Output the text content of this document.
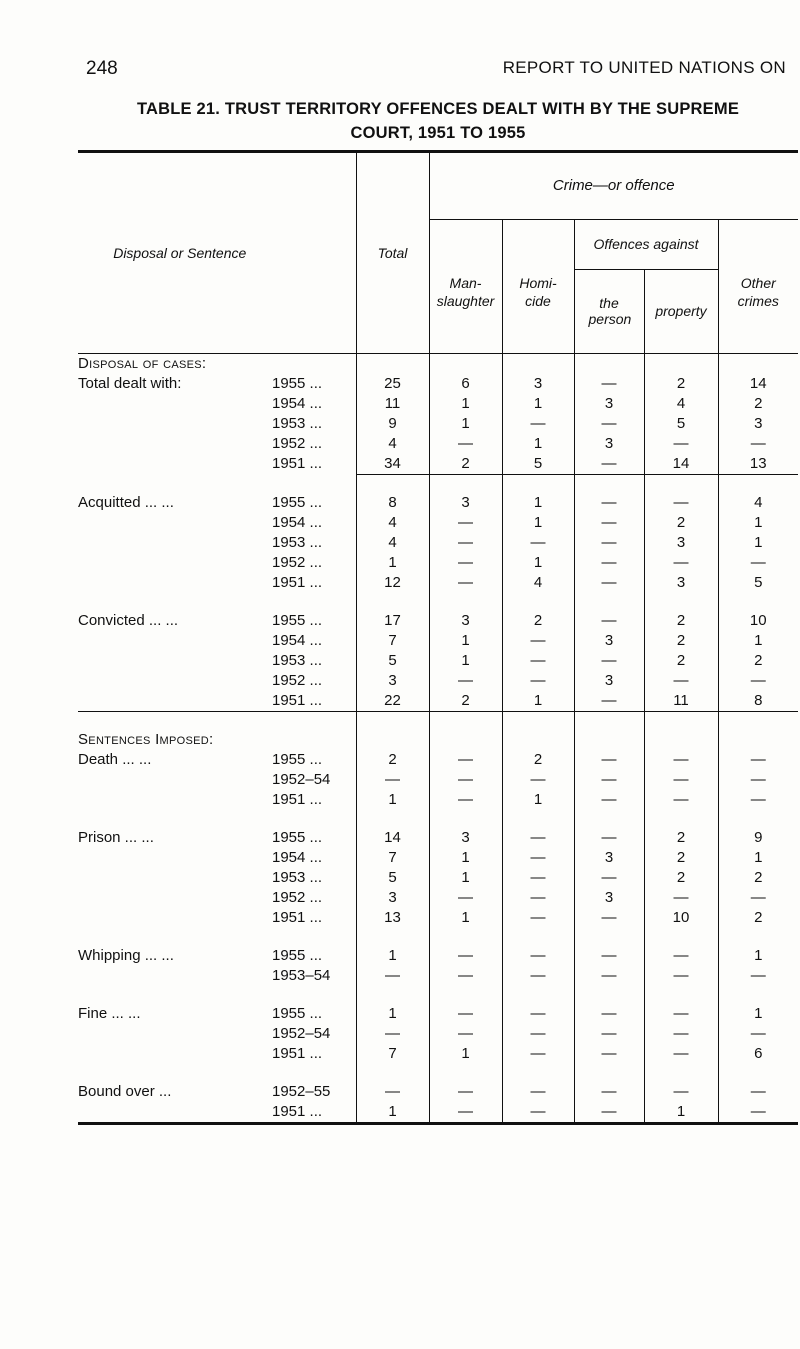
248	REPORT TO UNITED NATIONS ON
TABLE 21. TRUST TERRITORY OFFENCES DEALT WITH BY THE SUPREME
COURT, 1951 TO 1955
Disposal or Sentence	Total	Crime—or offence				
		Man-slaughter	Homi-cide	Offences against		Other crimes
				the person	property	
Disposal of cases:						
Total dealt with: 1955 ...	25	6	3	—	2	14
1954 ...	11	1	1	3	4	2
1953 ...	9	1	—	—	5	3
1952 ...	4	—	1	3	—	—
1951 ...	34	2	5	—	14	13

Acquitted ... ... 1955 ...	8	3	1	—	—	4
1954 ...	4	—	1	—	2	1
1953 ...	4	—	—	—	3	1
1952 ...	1	—	1	—	—	—
1951 ...	12	—	4	—	3	5

Convicted ... ... 1955 ...	17	3	2	—	2	10
1954 ...	7	1	—	3	2	1
1953 ...	5	1	—	—	2	2
1952 ...	3	—	—	3	—	—
1951 ...	22	2	1	—	11	8

Sentences Imposed:						
Death ... ... 1955 ...	2	—	2	—	—	—
1952–54	—	—	—	—	—	—
1951 ...	1	—	1	—	—	—

Prison ... ... 1955 ...	14	3	—	—	2	9
1954 ...	7	1	—	3	2	1
1953 ...	5	1	—	—	2	2
1952 ...	3	—	—	3	—	—
1951 ...	13	1	—	—	10	2

Whipping ... ... 1955 ...	1	—	—	—	—	1
1953–54	—	—	—	—	—	—

Fine ... ... 1955 ...	1	—	—	—	—	1
1952–54	—	—	—	—	—	—
1951 ...	7	1	—	—	—	6

Bound over ... 1952–55	—	—	—	—	—	—
1951 ...	1	—	—	—	1	—
